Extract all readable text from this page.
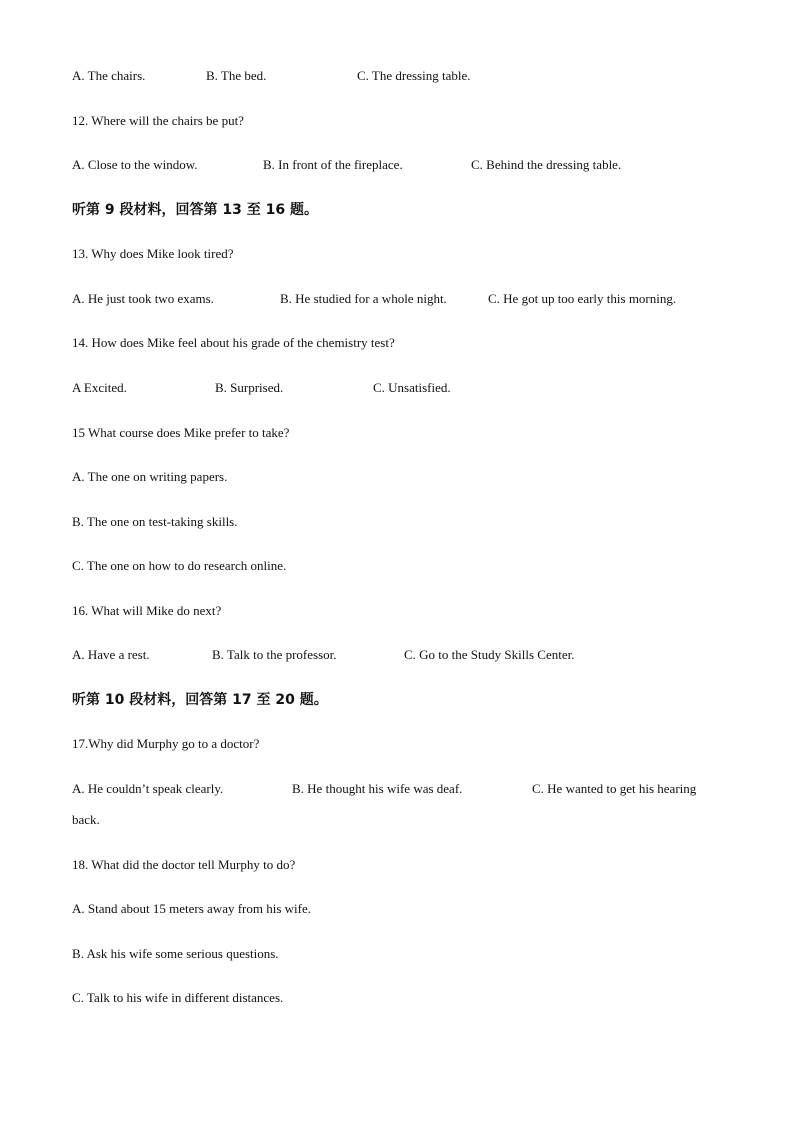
A. The chairs.	B. The bed.	C. The dressing table.
12. Where will the chairs be put?
A. Close to the window.	B. In front of the fireplace.	C. Behind the dressing table.
听第 9 段材料，回答第 13 至 16 题。
13. Why does Mike look tired?
A. He just took two exams.	B. He studied for a whole night.	C. He got up too early this morning.
14. How does Mike feel about his grade of the chemistry test?
A Excited.	B. Surprised.	C. Unsatisfied.
15 What course does Mike prefer to take?
A. The one on writing papers.
B. The one on test-taking skills.
C. The one on how to do research online.
16. What will Mike do next?
A. Have a rest.	B. Talk to the professor.	C. Go to the Study Skills Center.
听第 10 段材料，回答第 17 至 20 题。
17.Why did Murphy go to a doctor?
A. He couldn’t speak clearly.	B. He thought his wife was deaf.	C. He wanted to get his hearing
back.
18. What did the doctor tell Murphy to do?
A. Stand about 15 meters away from his wife.
B. Ask his wife some serious questions.
C. Talk to his wife in different distances.
